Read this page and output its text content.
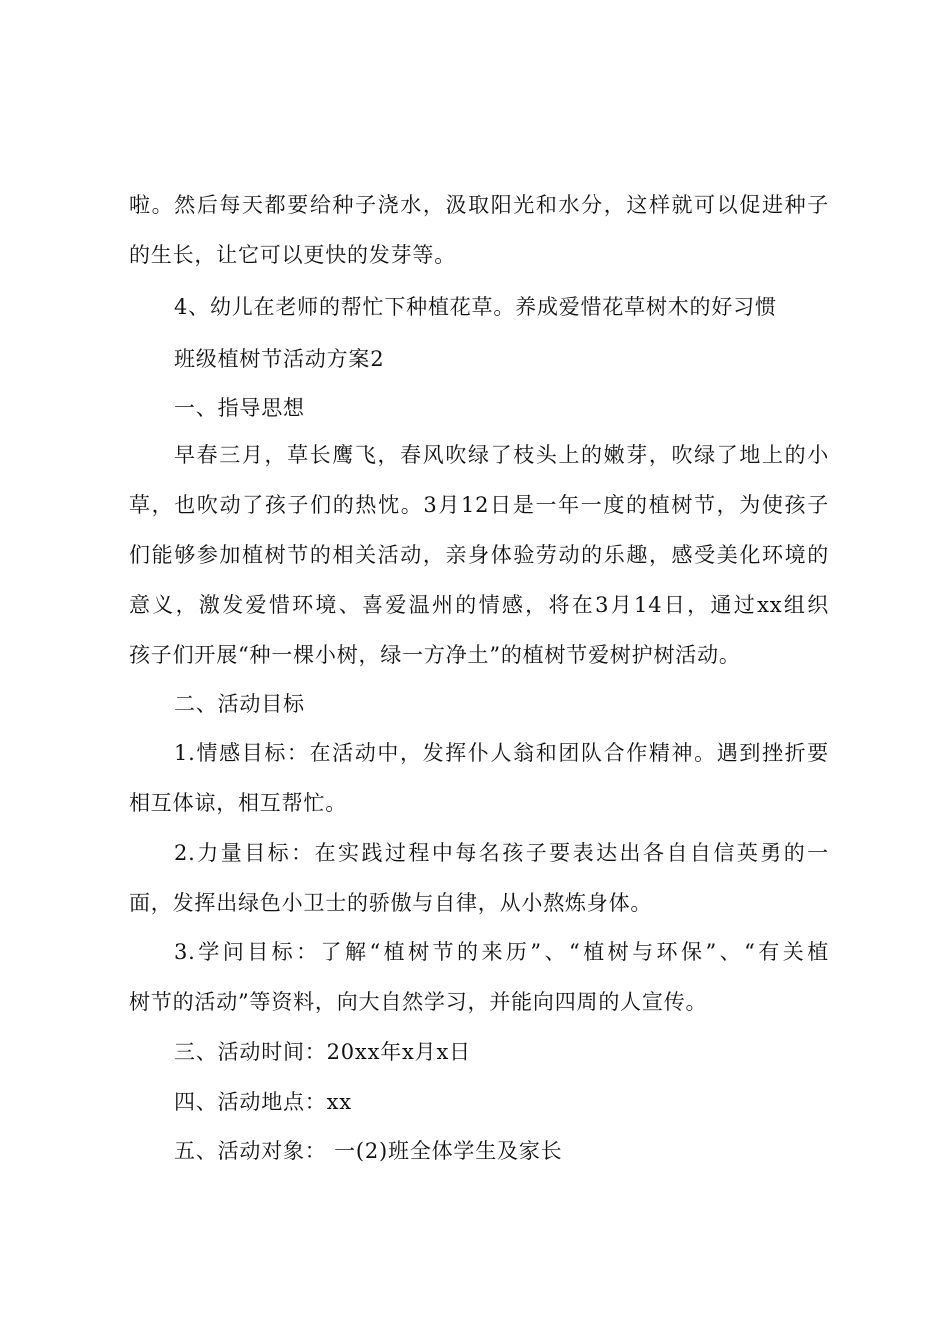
啦。然后每天都要给种子浇水，汲取阳光和水分，这样就可以促进种子
的生长，让它可以更快的发芽等。
4、幼儿在老师的帮忙下种植花草。养成爱惜花草树木的好习惯
班级植树节活动方案2
一、指导思想
早春三月，草长鹰飞，春风吹绿了枝头上的嫩芽，吹绿了地上的小
草，也吹动了孩子们的热忱。3月12日是一年一度的植树节，为使孩子
们能够参加植树节的相关活动，亲身体验劳动的乐趣，感受美化环境的
意义，激发爱惜环境、喜爱温州的情感，将在3月14日，通过xx组织
孩子们开展“种一棵小树，绿一方净土”的植树节爱树护树活动。
二、活动目标
1.情感目标：在活动中，发挥仆人翁和团队合作精神。遇到挫折要
相互体谅，相互帮忙。
2.力量目标：在实践过程中每名孩子要表达出各自自信英勇的一
面，发挥出绿色小卫士的骄傲与自律，从小熬炼身体。
3.学问目标：了解“植树节的来历”、“植树与环保”、“有关植
树节的活动”等资料，向大自然学习，并能向四周的人宣传。
三、活动时间：20xx年x月x日
四、活动地点：xx
五、活动对象： 一(2)班全体学生及家长
